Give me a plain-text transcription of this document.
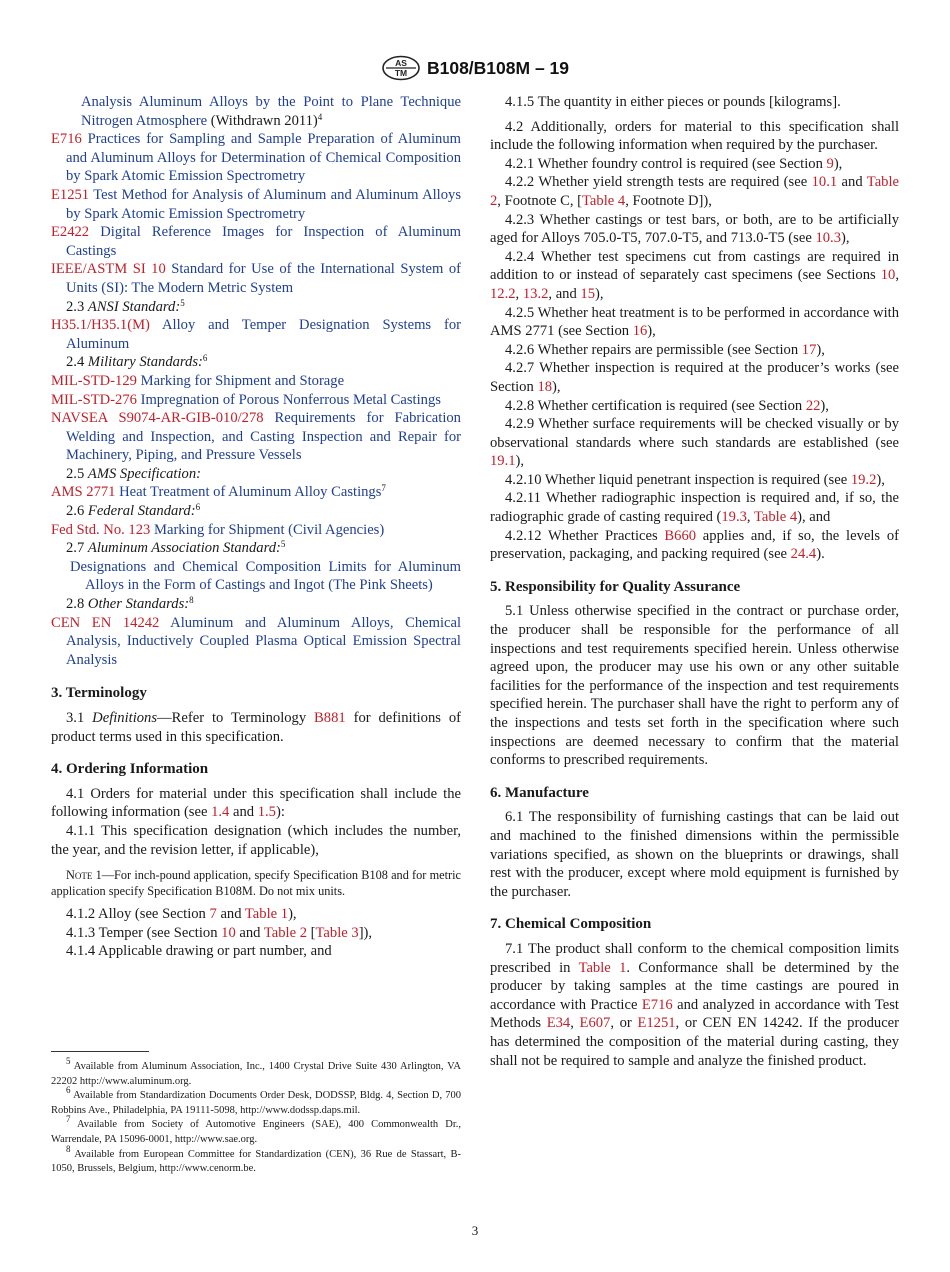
AS
TM B108/B108M – 19
Analysis Aluminum Alloys by the Point to Plane Technique Nitrogen Atmosphere (Withdrawn 2011)$^4$
E716 Practices for Sampling and Sample Preparation of Aluminum and Aluminum Alloys for Determination of Chemical Composition by Spark Atomic Emission Spectrometry
E1251 Test Method for Analysis of Aluminum and Aluminum Alloys by Spark Atomic Emission Spectrometry
E2422 Digital Reference Images for Inspection of Aluminum Castings
IEEE/ASTM SI 10 Standard for Use of the International System of Units (SI): The Modern Metric System
2.3 ANSI Standard:$^5$
H35.1/H35.1(M) Alloy and Temper Designation Systems for Aluminum
2.4 Military Standards:$^6$
MIL-STD-129 Marking for Shipment and Storage
MIL-STD-276 Impregnation of Porous Nonferrous Metal Castings
NAVSEA S9074-AR-GIB-010/278 Requirements for Fabrication Welding and Inspection, and Casting Inspection and Repair for Machinery, Piping, and Pressure Vessels
2.5 AMS Specification:
AMS 2771 Heat Treatment of Aluminum Alloy Castings$^7$
2.6 Federal Standard:$^6$
Fed Std. No. 123 Marking for Shipment (Civil Agencies)
2.7 Aluminum Association Standard:$^5$
Designations and Chemical Composition Limits for Aluminum Alloys in the Form of Castings and Ingot (The Pink Sheets)
2.8 Other Standards:$^8$
CEN EN 14242 Aluminum and Aluminum Alloys, Chemical Analysis, Inductively Coupled Plasma Optical Emission Spectral Analysis
3. Terminology
3.1 Definitions—Refer to Terminology B881 for definitions of product terms used in this specification.
4. Ordering Information
4.1 Orders for material under this specification shall include the following information (see 1.4 and 1.5):
4.1.1 This specification designation (which includes the number, the year, and the revision letter, if applicable),
Note 1—For inch-pound application, specify Specification B108 and for metric application specify Specification B108M. Do not mix units.
4.1.2 Alloy (see Section 7 and Table 1),
4.1.3 Temper (see Section 10 and Table 2 [Table 3]),
4.1.4 Applicable drawing or part number, and
4.1.5 The quantity in either pieces or pounds [kilograms].
4.2 Additionally, orders for material to this specification shall include the following information when required by the purchaser.
4.2.1 Whether foundry control is required (see Section 9),
4.2.2 Whether yield strength tests are required (see 10.1 and Table 2, Footnote C, [Table 4, Footnote D]),
4.2.3 Whether castings or test bars, or both, are to be artificially aged for Alloys 705.0-T5, 707.0-T5, and 713.0-T5 (see 10.3),
4.2.4 Whether test specimens cut from castings are required in addition to or instead of separately cast specimens (see Sections 10, 12.2, 13.2, and 15),
4.2.5 Whether heat treatment is to be performed in accordance with AMS 2771 (see Section 16),
4.2.6 Whether repairs are permissible (see Section 17),
4.2.7 Whether inspection is required at the producer’s works (see Section 18),
4.2.8 Whether certification is required (see Section 22),
4.2.9 Whether surface requirements will be checked visually or by observational standards where such standards are established (see 19.1),
4.2.10 Whether liquid penetrant inspection is required (see 19.2),
4.2.11 Whether radiographic inspection is required and, if so, the radiographic grade of casting required (19.3, Table 4), and
4.2.12 Whether Practices B660 applies and, if so, the levels of preservation, packaging, and packing required (see 24.4).
5. Responsibility for Quality Assurance
5.1 Unless otherwise specified in the contract or purchase order, the producer shall be responsible for the performance of all inspections and test requirements specified herein. Unless otherwise agreed upon, the producer may use his own or any other suitable facilities for the performance of the inspection and test requirements specified herein. The purchaser shall have the right to perform any of the inspections and tests set forth in the specification where such inspections are deemed necessary to confirm that the material conforms to prescribed requirements.
6. Manufacture
6.1 The responsibility of furnishing castings that can be laid out and machined to the finished dimensions within the permissible variations specified, as shown on the blueprints or drawings, shall rest with the producer, except where mold equipment is furnished by the purchaser.
7. Chemical Composition
7.1 The product shall conform to the chemical composition limits prescribed in Table 1. Conformance shall be determined by the producer by taking samples at the time castings are poured in accordance with Practice E716 and analyzed in accordance with Test Methods E34, E607, or E1251, or CEN EN 14242. If the producer has determined the composition of the material during casting, they shall not be required to sample and analyze the finished product.
$^5$ Available from Aluminum Association, Inc., 1400 Crystal Drive Suite 430 Arlington, VA 22202 http://www.aluminum.org.
$^6$ Available from Standardization Documents Order Desk, DODSSP, Bldg. 4, Section D, 700 Robbins Ave., Philadelphia, PA 19111-5098, http://www.dodssp.daps.mil.
$^7$ Available from Society of Automotive Engineers (SAE), 400 Commonwealth Dr., Warrendale, PA 15096-0001, http://www.sae.org.
$^8$ Available from European Committee for Standardization (CEN), 36 Rue de Stassart, B-1050, Brussels, Belgium, http://www.cenorm.be.
3
